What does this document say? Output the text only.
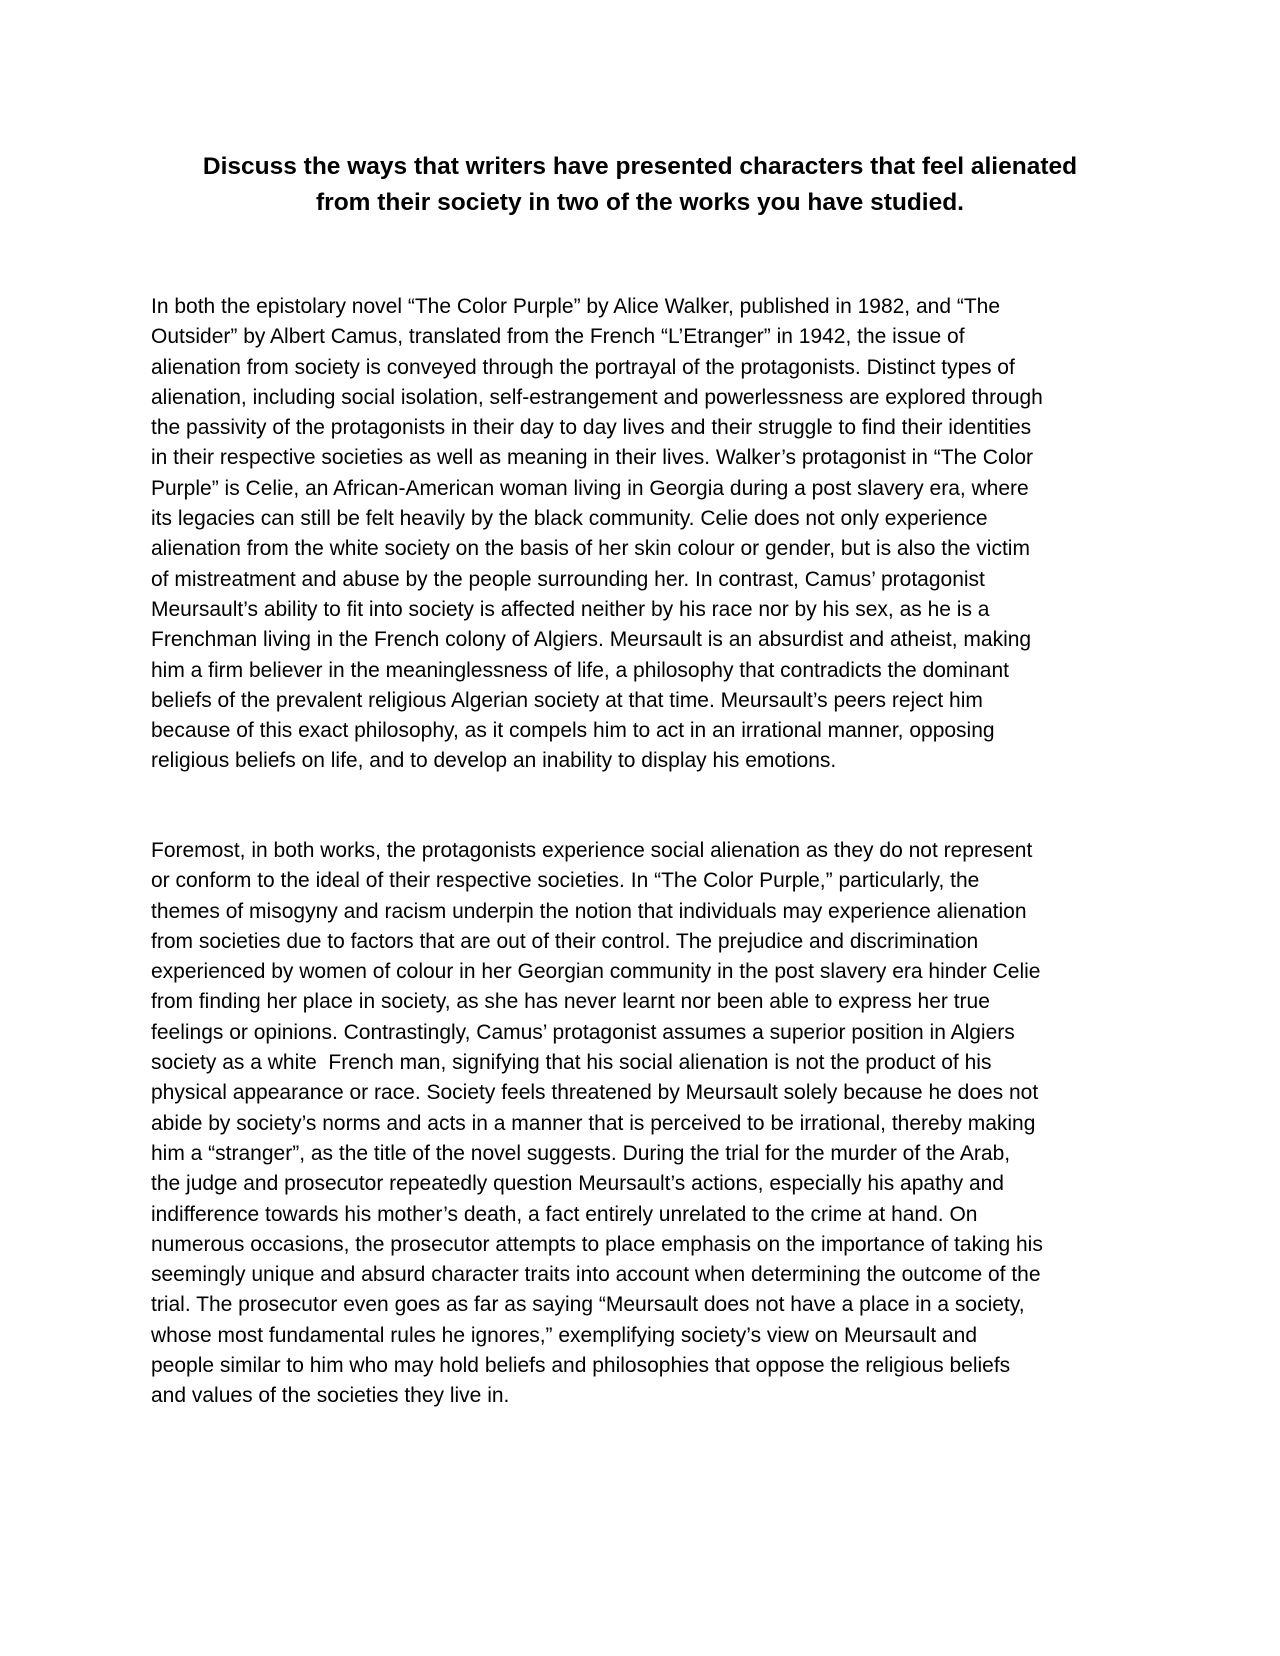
Discuss the ways that writers have presented characters that feel alienated
from their society in two of the works you have studied.

In both the epistolary novel “The Color Purple” by Alice Walker, published in 1982, and “The
Outsider” by Albert Camus, translated from the French “L’Etranger” in 1942, the issue of
alienation from society is conveyed through the portrayal of the protagonists. Distinct types of
alienation, including social isolation, self-estrangement and powerlessness are explored through
the passivity of the protagonists in their day to day lives and their struggle to find their identities
in their respective societies as well as meaning in their lives. Walker’s protagonist in “The Color
Purple” is Celie, an African-American woman living in Georgia during a post slavery era, where
its legacies can still be felt heavily by the black community. Celie does not only experience
alienation from the white society on the basis of her skin colour or gender, but is also the victim
of mistreatment and abuse by the people surrounding her. In contrast, Camus’ protagonist
Meursault’s ability to fit into society is affected neither by his race nor by his sex, as he is a
Frenchman living in the French colony of Algiers. Meursault is an absurdist and atheist, making
him a firm believer in the meaninglessness of life, a philosophy that contradicts the dominant
beliefs of the prevalent religious Algerian society at that time. Meursault’s peers reject him
because of this exact philosophy, as it compels him to act in an irrational manner, opposing
religious beliefs on life, and to develop an inability to display his emotions.

Foremost, in both works, the protagonists experience social alienation as they do not represent
or conform to the ideal of their respective societies. In “The Color Purple,” particularly, the
themes of misogyny and racism underpin the notion that individuals may experience alienation
from societies due to factors that are out of their control. The prejudice and discrimination
experienced by women of colour in her Georgian community in the post slavery era hinder Celie
from finding her place in society, as she has never learnt nor been able to express her true
feelings or opinions. Contrastingly, Camus’ protagonist assumes a superior position in Algiers
society as a white  French man, signifying that his social alienation is not the product of his
physical appearance or race. Society feels threatened by Meursault solely because he does not
abide by society’s norms and acts in a manner that is perceived to be irrational, thereby making
him a “stranger”, as the title of the novel suggests. During the trial for the murder of the Arab,
the judge and prosecutor repeatedly question Meursault’s actions, especially his apathy and
indifference towards his mother’s death, a fact entirely unrelated to the crime at hand. On
numerous occasions, the prosecutor attempts to place emphasis on the importance of taking his
seemingly unique and absurd character traits into account when determining the outcome of the
trial. The prosecutor even goes as far as saying “Meursault does not have a place in a society,
whose most fundamental rules he ignores,” exemplifying society’s view on Meursault and
people similar to him who may hold beliefs and philosophies that oppose the religious beliefs
and values of the societies they live in.
